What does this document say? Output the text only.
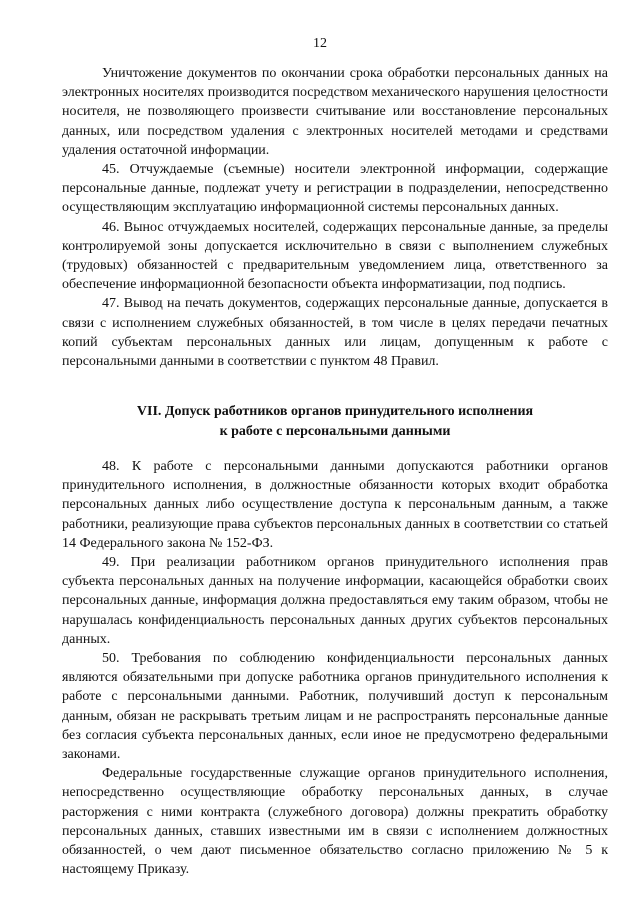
12

Уничтожение документов по окончании срока обработки персональных данных на электронных носителях производится посредством механического нарушения целостности носителя, не позволяющего произвести считывание или восстановление персональных данных, или посредством удаления с электронных носителей методами и средствами удаления остаточной информации.

45. Отчуждаемые (съемные) носители электронной информации, содержащие персональные данные, подлежат учету и регистрации в подразделении, непосредственно осуществляющим эксплуатацию информационной системы персональных данных.

46. Вынос отчуждаемых носителей, содержащих персональные данные, за пределы контролируемой зоны допускается исключительно в связи с выполнением служебных (трудовых) обязанностей с предварительным уведомлением лица, ответственного за обеспечение информационной безопасности объекта информатизации, под подпись.

47. Вывод на печать документов, содержащих персональные данные, допускается в связи с исполнением служебных обязанностей, в том числе в целях передачи печатных копий субъектам персональных данных или лицам, допущенным к работе с персональными данными в соответствии с пунктом 48 Правил.

VII. Допуск работников органов принудительного исполнения
к работе с персональными данными

48. К работе с персональными данными допускаются работники органов принудительного исполнения, в должностные обязанности которых входит обработка персональных данных либо осуществление доступа к персональным данным, а также работники, реализующие права субъектов персональных данных в соответствии со статьей 14 Федерального закона № 152-ФЗ.

49. При реализации работником органов принудительного исполнения прав субъекта персональных данных на получение информации, касающейся обработки своих персональных данные, информация должна предоставляться ему таким образом, чтобы не нарушалась конфиденциальность персональных данных других субъектов персональных данных.

50. Требования по соблюдению конфиденциальности персональных данных являются обязательными при допуске работника органов принудительного исполнения к работе с персональными данными. Работник, получивший доступ к персональным данным, обязан не раскрывать третьим лицам и не распространять персональные данные без согласия субъекта персональных данных, если иное не предусмотрено федеральными законами.

Федеральные государственные служащие органов принудительного исполнения, непосредственно осуществляющие обработку персональных данных, в случае расторжения с ними контракта (служебного договора) должны прекратить обработку персональных данных, ставших известными им в связи с исполнением должностных обязанностей, о чем дают письменное обязательство согласно приложению № 5 к настоящему Приказу.
